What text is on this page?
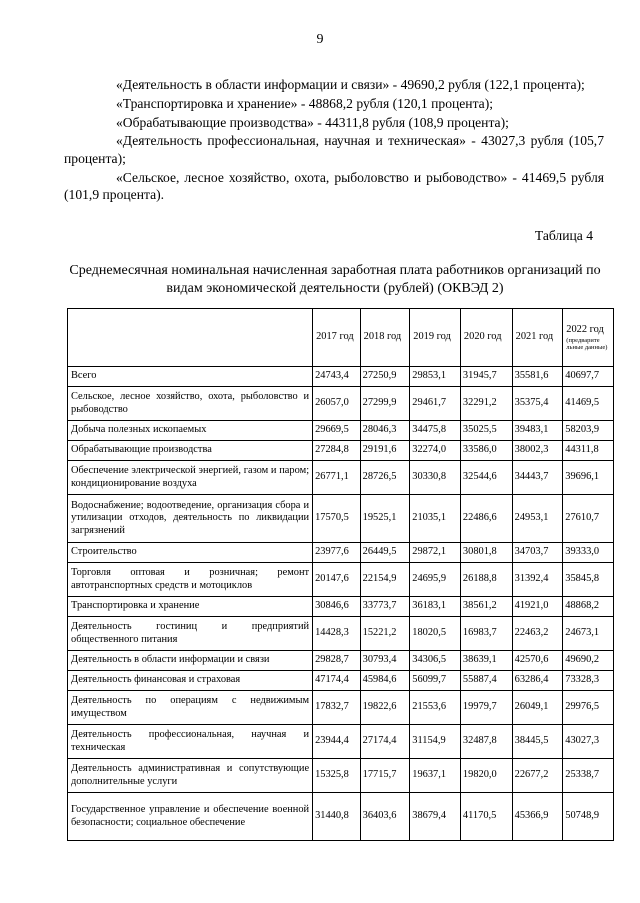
9

«Деятельность в области информации и связи» - 49690,2 рубля (122,1 процента);

«Транспортировка и хранение» - 48868,2 рубля (120,1 процента);

«Обрабатывающие производства» - 44311,8 рубля (108,9 процента);

«Деятельность профессиональная, научная и техническая» - 43027,3 рубля (105,7 процента);

«Сельское, лесное хозяйство, охота, рыболовство и рыбоводство» - 41469,5 рубля (101,9 процента).

Таблица 4
Среднемесячная номинальная начисленная заработная плата работников организаций по видам экономической деятельности (рублей) (ОКВЭД 2)
	2017 год	2018 год	2019 год	2020 год	2021 год	2022 год
(предварите льные данные)

Всего	24743,4	27250,9	29853,1	31945,7	35581,6	40697,7
Сельское, лесное хозяйство, охота, рыболовство и рыбоводство	26057,0	27299,9	29461,7	32291,2	35375,4	41469,5
Добыча полезных ископаемых	29669,5	28046,3	34475,8	35025,5	39483,1	58203,9
Обрабатывающие производства	27284,8	29191,6	32274,0	33586,0	38002,3	44311,8
Обеспечение электрической энергией, газом и паром; кондиционирование воздуха	26771,1	28726,5	30330,8	32544,6	34443,7	39696,1
Водоснабжение; водоотведение, организация сбора и утилизации отходов, деятельность по ликвидации загрязнений	17570,5	19525,1	21035,1	22486,6	24953,1	27610,7
Строительство	23977,6	26449,5	29872,1	30801,8	34703,7	39333,0
Торговля оптовая и розничная; ремонт автотранспортных средств и мотоциклов	20147,6	22154,9	24695,9	26188,8	31392,4	35845,8
Транспортировка и хранение	30846,6	33773,7	36183,1	38561,2	41921,0	48868,2
Деятельность гостиниц и предприятий общественного питания	14428,3	15221,2	18020,5	16983,7	22463,2	24673,1
Деятельность в области информации и связи	29828,7	30793,4	34306,5	38639,1	42570,6	49690,2
Деятельность финансовая и страховая	47174,4	45984,6	56099,7	55887,4	63286,4	73328,3
Деятельность по операциям с недвижимым имуществом	17832,7	19822,6	21553,6	19979,7	26049,1	29976,5
Деятельность профессиональная, научная и техническая	23944,4	27174,4	31154,9	32487,8	38445,5	43027,3
Деятельность административная и сопутствующие дополнительные услуги	15325,8	17715,7	19637,1	19820,0	22677,2	25338,7
Государственное управление и обеспечение военной безопасности; социальное обеспечение	31440,8	36403,6	38679,4	41170,5	45366,9	50748,9
